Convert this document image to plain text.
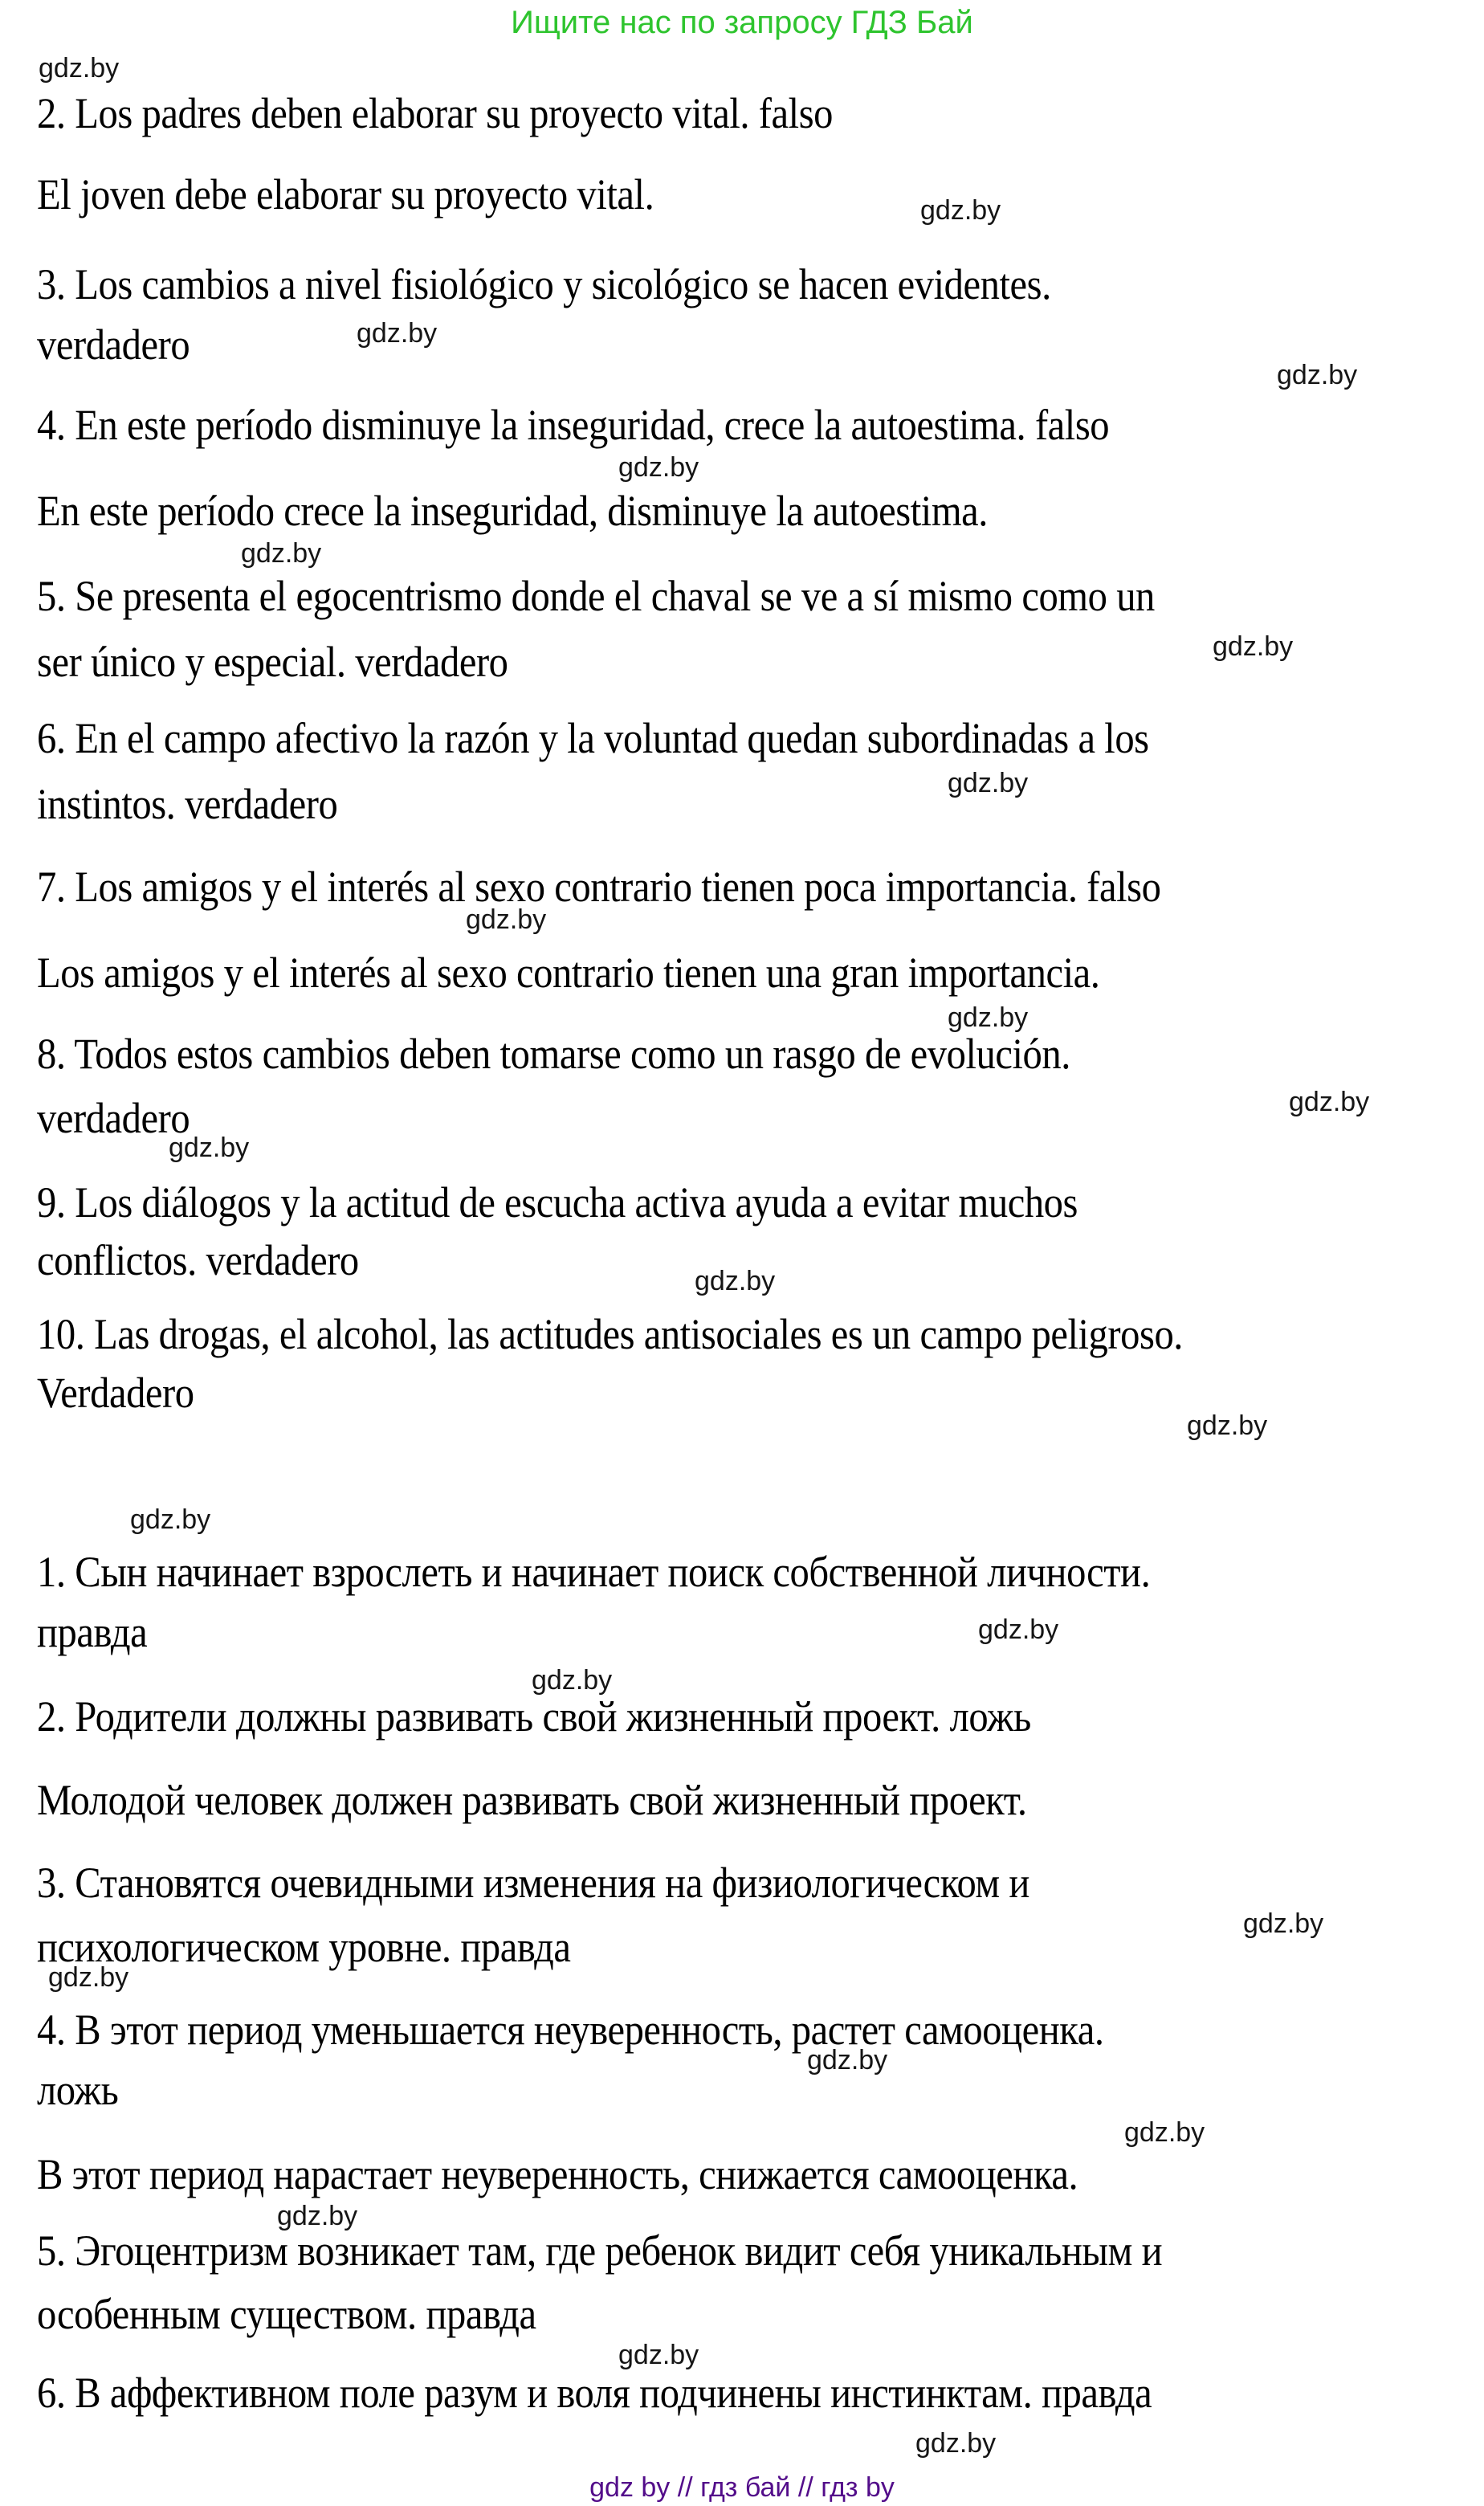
Ищите нас по запросу ГДЗ Бай
gdz.by
gdz.by
gdz.by
gdz.by
gdz.by
gdz.by
gdz.by
gdz.by
gdz.by
gdz.by
gdz.by
gdz.by
gdz.by
gdz.by
gdz.by
gdz.by
gdz.by
gdz.by
gdz.by
gdz.by
gdz.by
gdz.by
gdz.by
gdz.by
2. Los padres deben elaborar su proyecto vital. falso
El joven debe elaborar su proyecto vital.
3. Los cambios a nivel fisiológico y sicológico se hacen evidentes.
verdadero
4. En este período disminuye la inseguridad, crece la autoestima. falso
En este período crece la inseguridad, disminuye la autoestima.
5. Se presenta el egocentrismo donde el chaval se ve a sí mismo como un
ser único y especial. verdadero
6. En el campo afectivo la razón y la voluntad quedan subordinadas a los
instintos. verdadero
7. Los amigos y el interés al sexo contrario tienen poca importancia. falso
Los amigos y el interés al sexo contrario tienen una gran importancia.
8. Todos estos cambios deben tomarse como un rasgo de evolución.
verdadero
9. Los diálogos y la actitud de escucha activa ayuda a evitar muchos
conflictos. verdadero
10. Las drogas, el alcohol, las actitudes antisociales es un campo peligroso.
Verdadero
1. Сын начинает взрослеть и начинает поиск собственной личности.
правда
2. Родители должны развивать свой жизненный проект. ложь
Молодой человек должен развивать свой жизненный проект.
3. Становятся очевидными изменения на физиологическом и
психологическом уровне. правда
4. В этот период уменьшается неуверенность, растет самооценка.
ложь
В этот период нарастает неуверенность, снижается самооценка.
5. Эгоцентризм возникает там, где ребенок видит себя уникальным и
особенным существом. правда
6. В аффективном поле разум и воля подчинены инстинктам. правда
gdz by // гдз бай // гдз by
